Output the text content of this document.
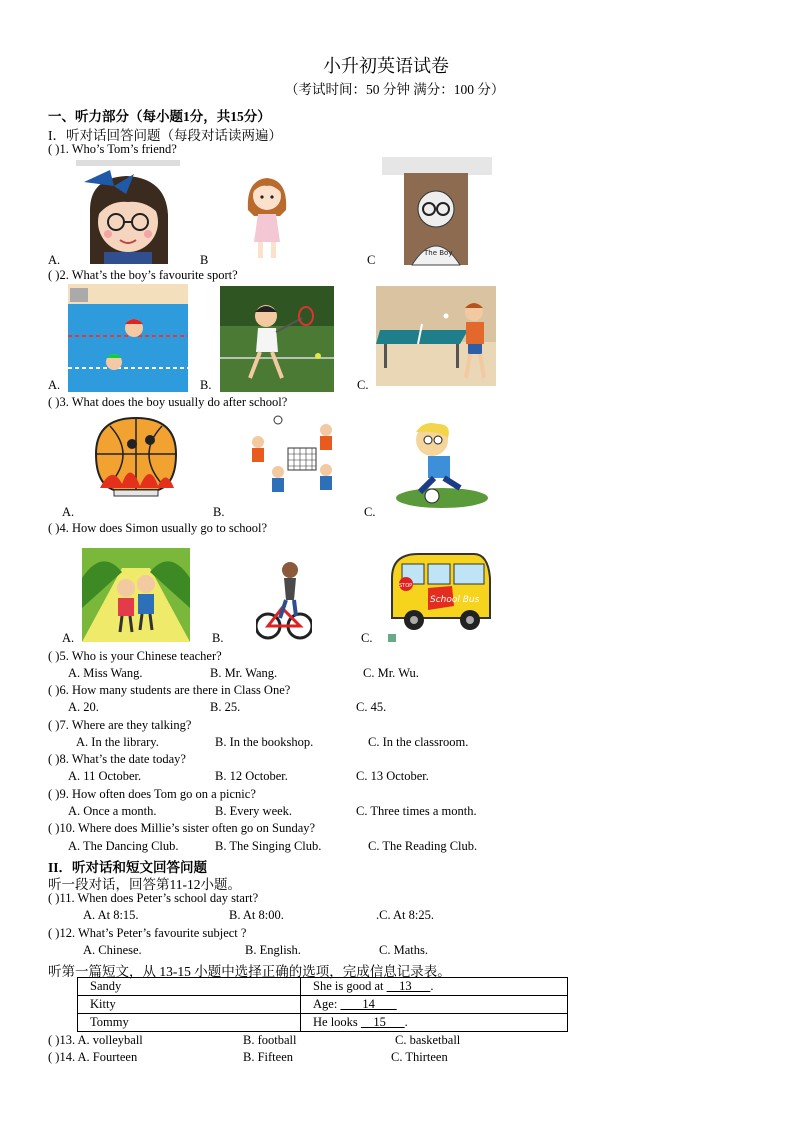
小升初英语试卷
（考试时间：50 分钟 满分：100 分）
一、听力部分（每小题1分，共15分）
I．听对话回答问题（每段对话读两遍）
( )1. Who’s Tom’s friend?
A.	B	The Boy
C
( )2. What’s the boy’s favourite sport?
A.	B.	C.
( )3. What does the boy usually do after school?
A.	B.	C.
( )4. How does Simon usually go to school?
A.	B.
School Bus
STOP
C.
( )5. Who is your Chinese teacher?
A. Miss Wang.	B. Mr. Wang.	C. Mr. Wu.
( )6. How many students are there in Class One?
A. 20.	B. 25.	C. 45.
( )7. Where are they talking?
A. In the library.	B. In the bookshop.	C. In the classroom.
( )8. What’s the date today?
A. 11 October.	B. 12 October.	C. 13 October.
( )9. How often does Tom go on a picnic?
A. Once a month.	B. Every week.	C. Three times a month.
( )10. Where does Millie’s sister often go on Sunday?
A. The Dancing Club.	B. The Singing Club.	C. The Reading Club.
II．听对话和短文回答问题
听一段对话，回答第11-12小题。
( )11. When does Peter’s school day start?
A. At 8:15.	B. At 8:00.	.C. At 8:25.
( )12. What’s Peter’s favourite subject ?
A. Chinese.	B. English.	C. Maths.
听第一篇短文，从 13-15 小题中选择正确的选项，完成信息记录表。
Sandy	She is good at     13      .
Kitty	Age:        14
Tommy	He looks     15      .
( )13. A. volleyball	B. football	C. basketball
( )14. A. Fourteen	B. Fifteen	C. Thirteen
